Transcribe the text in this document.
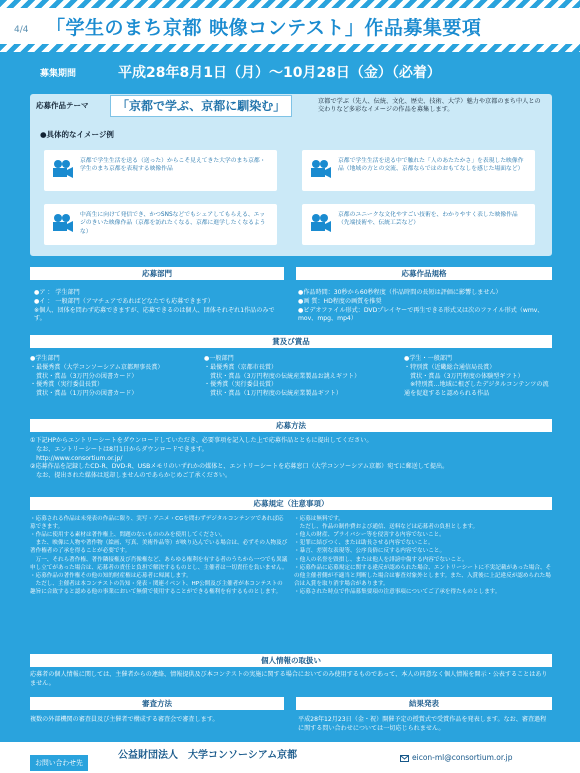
4/4 「学生のまち京都 映像コンテスト」作品募集要項
募集期間	平成28年8月1日（月）～10月28日（金）（必着）
応募作品テーマ	「京都で学ぶ、京都に馴染む」	京都で学ぶ（先人、伝統、文化、歴史、技術、大学）魅力や京都のまち中人との交わりなど多彩なイメージの作品を募集します。
●具体的なイメージ例
京都で学生生活を送る（送った）からこそ見えてきた大学のまち京都・学生のまち京都を表現する映像作品
京都で学生生活を送る中で触れた「人のあたたかさ」を表現した映像作品（地域の方との交流、京都ならではのおもてなしを感じた場面など）
中高生に向けて発信でき、かつSNSなどでもシェアしてもらえる、エッジのきいた映像作品（京都を訪れたくなる、京都に進学したくなるような）
京都のユニークな文化やすごい技術を、わかりやすく表した映像作品（先端技術や、伝統工芸など）
応募部門
●ア ： 学生部門
●イ ： 一般部門（アマチュアであればどなたでも応募できます）
※個人、団体を問わず応募できますが、応募できるのは個人、団体それぞれ1作品のみです。
応募作品規格
●作品時間：30秒から60秒程度（作品時間の長短は評価に影響しません）
●画 質：HD程度の画質を推奨
●ビデオファイル形式：DVDプレイヤーで再生できる形式又は次のファイル形式（wmv、mov、mpg、mp4）
賞及び賞品
●学生部門
・最優秀賞（大学コンソーシアム京都理事長賞）
　賞状・賞品（3万円分の図書カード）
・優秀賞（実行委員長賞）
　賞状・賞品（1万円分の図書カード）
●一般部門
・最優秀賞（京都市長賞）
　賞状・賞品（3万円程度の伝統産業製品お誂えギフト）
・優秀賞（実行委員長賞）
　賞状・賞品（1万円程度の伝統産業製品ギフト）
●学生・一般部門
・特別賞（近畿総合通信局長賞）
　賞状・賞品（3万円程度の体験型ギフト）
　※特別賞…地域に根ざしたデジタルコンテンツの流通を促進すると認められる作品
応募方法
①下記HPからエントリーシートをダウンロードしていただき、必要事項を記入した上で応募作品とともに提出してください。
　なお、エントリーシートは8月1日からダウンロードできます。
　http://www.consortium.or.jp/
②応募作品を記録したCD-R、DVD-R、USBメモリのいずれかの媒体と、エントリーシートを応募窓口（大学コンソーシアム京都）宛てに郵送して提出。
　なお、提出された媒体は返却しませんのであらかじめご了承ください。
応募規定（注意事項）
・応募される作品は未発表の作品に限り、実写・アニメ・CGを問わずデジタルコンテンツであれば応募できます。
・作品に使用する素材は著作権上、問題のないもののみを使用してください。
　また、映像に人物や著作物（絵画、写真、美術作品等）が映り込んでいる場合は、必ずその人物及び著作権者の了承を得ることが必要です。
　万一、それら著作権、著作隣接権及び肖像権など、あらゆる権利を有する者のうちから一つでも異議申し立てがあった場合は、応募者の責任と負担で解決するものとし、主催者は一切責任を負いません。
・応募作品の著作権その他の知的財産権は応募者に帰属します。
　ただし、主催者は本コンテストの告知・発表・関連イベント、HP公開及び主催者が本コンテストの趣旨に合致すると認める他の事業において無償で使用することができる権利を有するものとします。
・応募は無料です。
　ただし、作品の制作費および通信、送料などは応募者の負担とします。
・他人の財産、プライバシー等を侵害する内容でないこと。
・犯罪に結びつく、または助長させる内容でないこと。
・暴言、差別な表現等、公序良俗に反する内容でないこと。
・他人の名誉を毀損し、または他人を誹謗中傷する内容でないこと。
・応募作品に応募規定に関する違反が認められた場合、エントリーシートに不実記載があった場合、その他主催者側が不適当と判断した場合は審査対象外とします。また、入賞後に上記違反が認められた場合は入賞を取り消す場合があります。
・応募された時点で作品募集要項の注意事項についてご了承を得たものとします。
個人情報の取扱い
応募者の個人情報に関しては、主催者からの連絡、情報提供及び本コンテストの実施に関する場合においてのみ使用するものであって、本人の同意なく個人情報を開示・公表することはありません。
審査方法
複数の外部機関の審査員及び主催者で構成する審査会で審査します。
結果発表
平成28年12月23日（金・祝）開催予定の授賞式で受賞作品を発表します。なお、審査過程に関する問い合わせについては一切応じられません。
お問い合わせ先
公益財団法人　大学コンソーシアム京都	eicon-ml@consortium.or.jp
